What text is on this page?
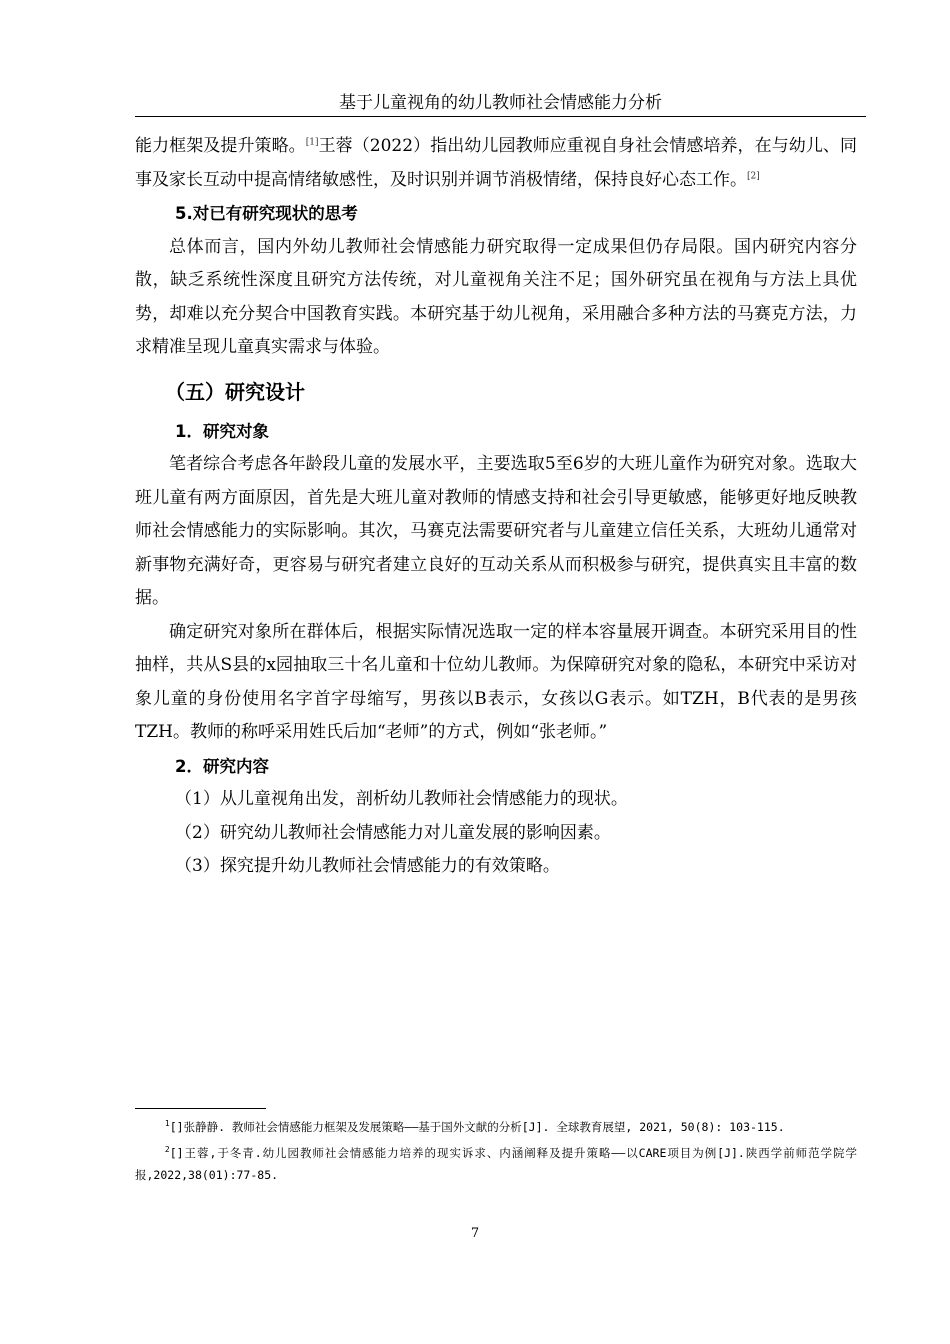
基于儿童视角的幼儿教师社会情感能力分析

能力框架及提升策略。[1]王蓉（2022）指出幼儿园教师应重视自身社会情感培养，在与幼儿、同事及家长互动中提高情绪敏感性，及时识别并调节消极情绪，保持良好心态工作。[2]

5.对已有研究现状的思考

总体而言，国内外幼儿教师社会情感能力研究取得一定成果但仍存局限。国内研究内容分散，缺乏系统性深度且研究方法传统，对儿童视角关注不足；国外研究虽在视角与方法上具优势，却难以充分契合中国教育实践。本研究基于幼儿视角，采用融合多种方法的马赛克方法，力求精准呈现儿童真实需求与体验。

（五）研究设计
1．研究对象

笔者综合考虑各年龄段儿童的发展水平，主要选取5至6岁的大班儿童作为研究对象。选取大班儿童有两方面原因，首先是大班儿童对教师的情感支持和社会引导更敏感，能够更好地反映教师社会情感能力的实际影响。其次，马赛克法需要研究者与儿童建立信任关系，大班幼儿通常对新事物充满好奇，更容易与研究者建立良好的互动关系从而积极参与研究，提供真实且丰富的数据。

确定研究对象所在群体后，根据实际情况选取一定的样本容量展开调查。本研究采用目的性抽样，共从S县的x园抽取三十名儿童和十位幼儿教师。为保障研究对象的隐私，本研究中采访对象儿童的身份使用名字首字母缩写，男孩以B表示，女孩以G表示。如TZH，B代表的是男孩TZH。教师的称呼采用姓氏后加“老师”的方式，例如“张老师。”

2．研究内容

（1）从儿童视角出发，剖析幼儿教师社会情感能力的现状。

（2）研究幼儿教师社会情感能力对儿童发展的影响因素。

（3）探究提升幼儿教师社会情感能力的有效策略。

$^1$[]张静静. 教师社会情感能力框架及发展策略——基于国外文献的分析[J]. 全球教育展望, 2021, 50(8): 103-115.

$^2$[]王蓉,于冬青.幼儿园教师社会情感能力培养的现实诉求、内涵阐释及提升策略——以CARE项目为例[J].陕西学前师范学院学报,2022,38(01):77-85.

7
